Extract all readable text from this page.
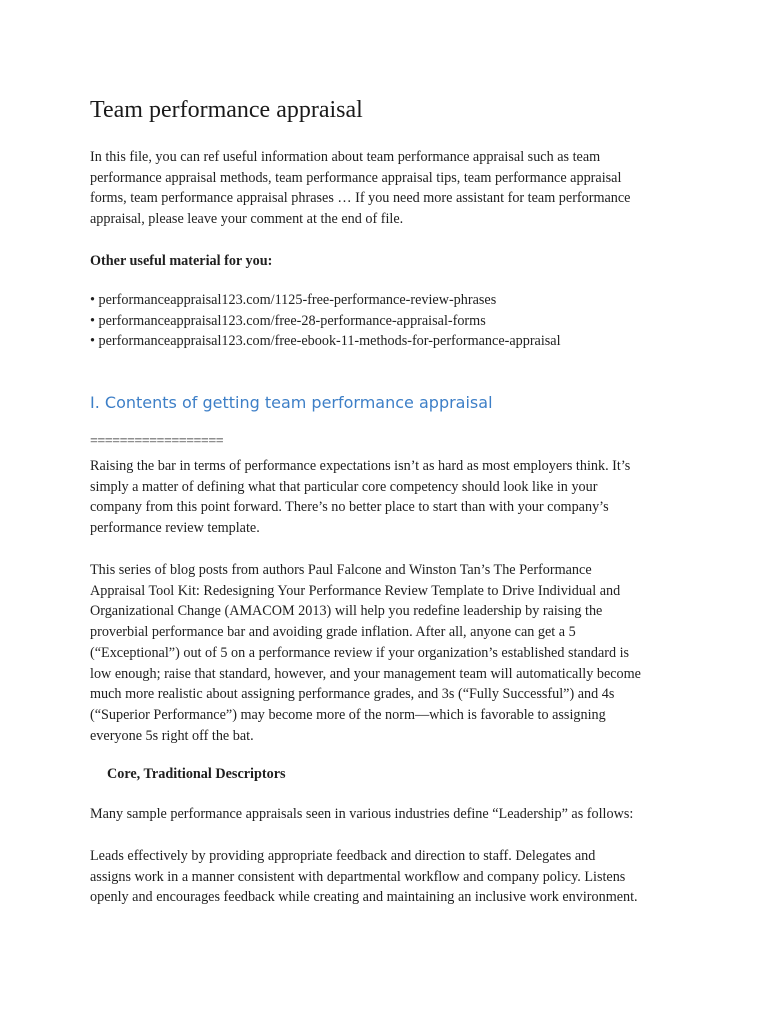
Team performance appraisal

In this file, you can ref useful information about team performance appraisal such as team
performance appraisal methods, team performance appraisal tips, team performance appraisal
forms, team performance appraisal phrases … If you need more assistant for team performance
appraisal, please leave your comment at the end of file.

Other useful material for you:

• performanceappraisal123.com/1125-free-performance-review-phrases
• performanceappraisal123.com/free-28-performance-appraisal-forms
• performanceappraisal123.com/free-ebook-11-methods-for-performance-appraisal
I. Contents of getting team performance appraisal

==================

Raising the bar in terms of performance expectations isn’t as hard as most employers think. It’s
simply a matter of defining what that particular core competency should look like in your
company from this point forward. There’s no better place to start than with your company’s
performance review template.

This series of blog posts from authors Paul Falcone and Winston Tan’s The Performance
Appraisal Tool Kit: Redesigning Your Performance Review Template to Drive Individual and
Organizational Change (AMACOM 2013) will help you redefine leadership by raising the
proverbial performance bar and avoiding grade inflation. After all, anyone can get a 5
(“Exceptional”) out of 5 on a performance review if your organization’s established standard is
low enough; raise that standard, however, and your management team will automatically become
much more realistic about assigning performance grades, and 3s (“Fully Successful”) and 4s
(“Superior Performance”) may become more of the norm—which is favorable to assigning
everyone 5s right off the bat.

Core, Traditional Descriptors

Many sample performance appraisals seen in various industries define “Leadership” as follows:

Leads effectively by providing appropriate feedback and direction to staff. Delegates and
assigns work in a manner consistent with departmental workflow and company policy. Listens
openly and encourages feedback while creating and maintaining an inclusive work environment.
